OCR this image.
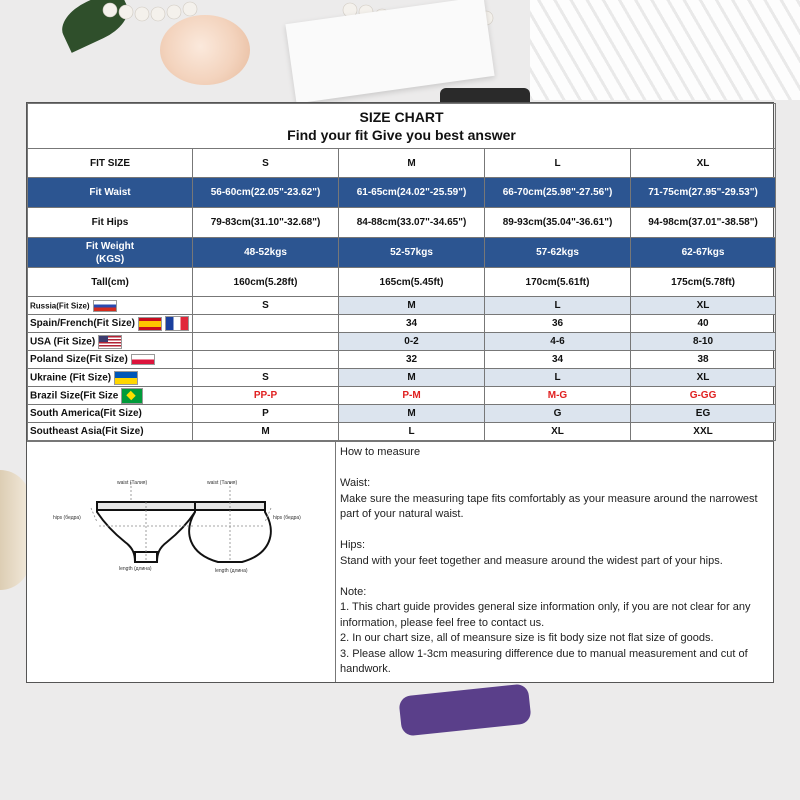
SIZE CHART
Find your fit Give you best answer				

FIT SIZE	S	M	L	XL
Fit Waist	56-60cm(22.05"-23.62")	61-65cm(24.02"-25.59")	66-70cm(25.98"-27.56")	71-75cm(27.95"-29.53")
Fit Hips	79-83cm(31.10"-32.68")	84-88cm(33.07"-34.65")	89-93cm(35.04"-36.61")	94-98cm(37.01"-38.58")
Fit Weight
(KGS)	48-52kgs	52-57kgs	57-62kgs	62-67kgs
Tall(cm)	160cm(5.28ft)	165cm(5.45ft)	170cm(5.61ft)	175cm(5.78ft)
Russia(Fit Size)	S	M	L	XL
Spain/French(Fit Size)		34	36	40
USA (Fit Size)		0-2	4-6	8-10
Poland Size(Fit Size)		32	34	38
Ukraine (Fit Size)	S	M	L	XL
Brazil Size(Fit Size	PP-P	P-M	M-G	G-GG
South America(Fit Size)	P	M	G	EG
Southeast Asia(Fit Size)	M	L	XL	XXL
waist (Талия)	waist (Талия)
hips (бедра)	hips (бедра)
length (длина)	length (длина)

How to measure

Waist:

Make sure the measuring tape fits comfortably as your measure around the narrowest part of your natural waist.

Hips:

Stand with your feet together and measure around the widest part of your hips.

Note:

1. This chart guide provides general size information only, if you are not clear for any information, please feel free to contact us.

2. In our chart size, all of meansure size is fit body size not flat size of goods.

3. Please allow 1-3cm measuring difference due to manual measurement and cut of handwork.
